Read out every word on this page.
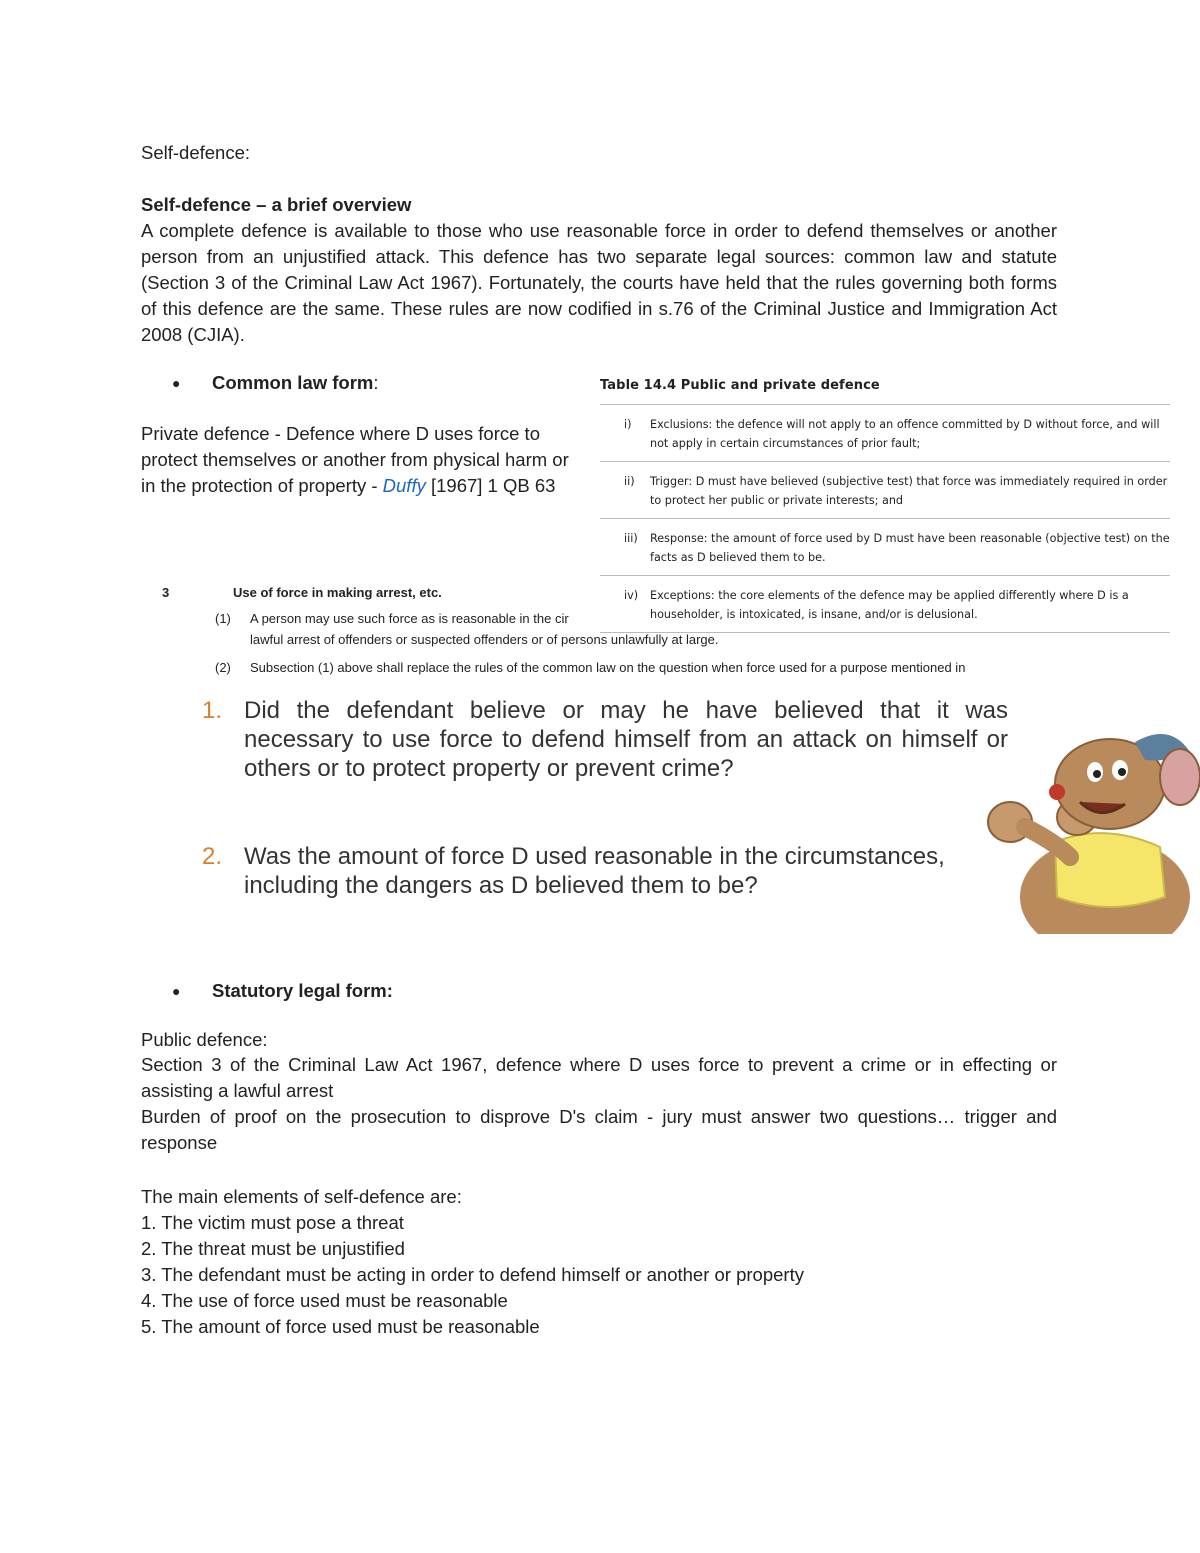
Self-defence:
Self-defence – a brief overview
A complete defence is available to those who use reasonable force in order to defend themselves or another person from an unjustified attack. This defence has two separate legal sources: common law and statute (Section 3 of the Criminal Law Act 1967). Fortunately, the courts have held that the rules governing both forms of this defence are the same. These rules are now codified in s.76 of the Criminal Justice and Immigration Act 2008 (CJIA).
● Common law form:
Private defence - Defence where D uses force to protect themselves or another from physical harm or in the protection of property - Duffy [1967] 1 QB 63
Table 14.4 Public and private defence
i)	Exclusions: the defence will not apply to an offence committed by D without force, and will not apply in certain circumstances of prior fault;
ii)	Trigger: D must have believed (subjective test) that force was immediately required in order to protect her public or private interests; and
iii)	Response: the amount of force used by D must have been reasonable (objective test) on the facts as D believed them to be.
iv)	Exceptions: the core elements of the defence may be applied differently where D is a householder, is intoxicated, is insane, and/or is delusional.
3	Use of force in making arrest, etc.
(1) A person may use such force as is reasonable in the cir
lawful arrest of offenders or suspected offenders or of persons unlawfully at large.
(2) Subsection (1) above shall replace the rules of the common law on the question when force used for a purpose mentioned in
1. Did the defendant believe or may he have believed that it was necessary to use force to defend himself from an attack on himself or others or to protect property or prevent crime?
2. Was the amount of force D used reasonable in the circumstances, including the dangers as D believed them to be?
● Statutory legal form:
Public defence:
Section 3 of the Criminal Law Act 1967, defence where D uses force to prevent a crime or in effecting or assisting a lawful arrest
Burden of proof on the prosecution to disprove D's claim - jury must answer two questions… trigger and response
The main elements of self-defence are:
1. The victim must pose a threat
2. The threat must be unjustified
3. The defendant must be acting in order to defend himself or another or property
4. The use of force used must be reasonable
5. The amount of force used must be reasonable
